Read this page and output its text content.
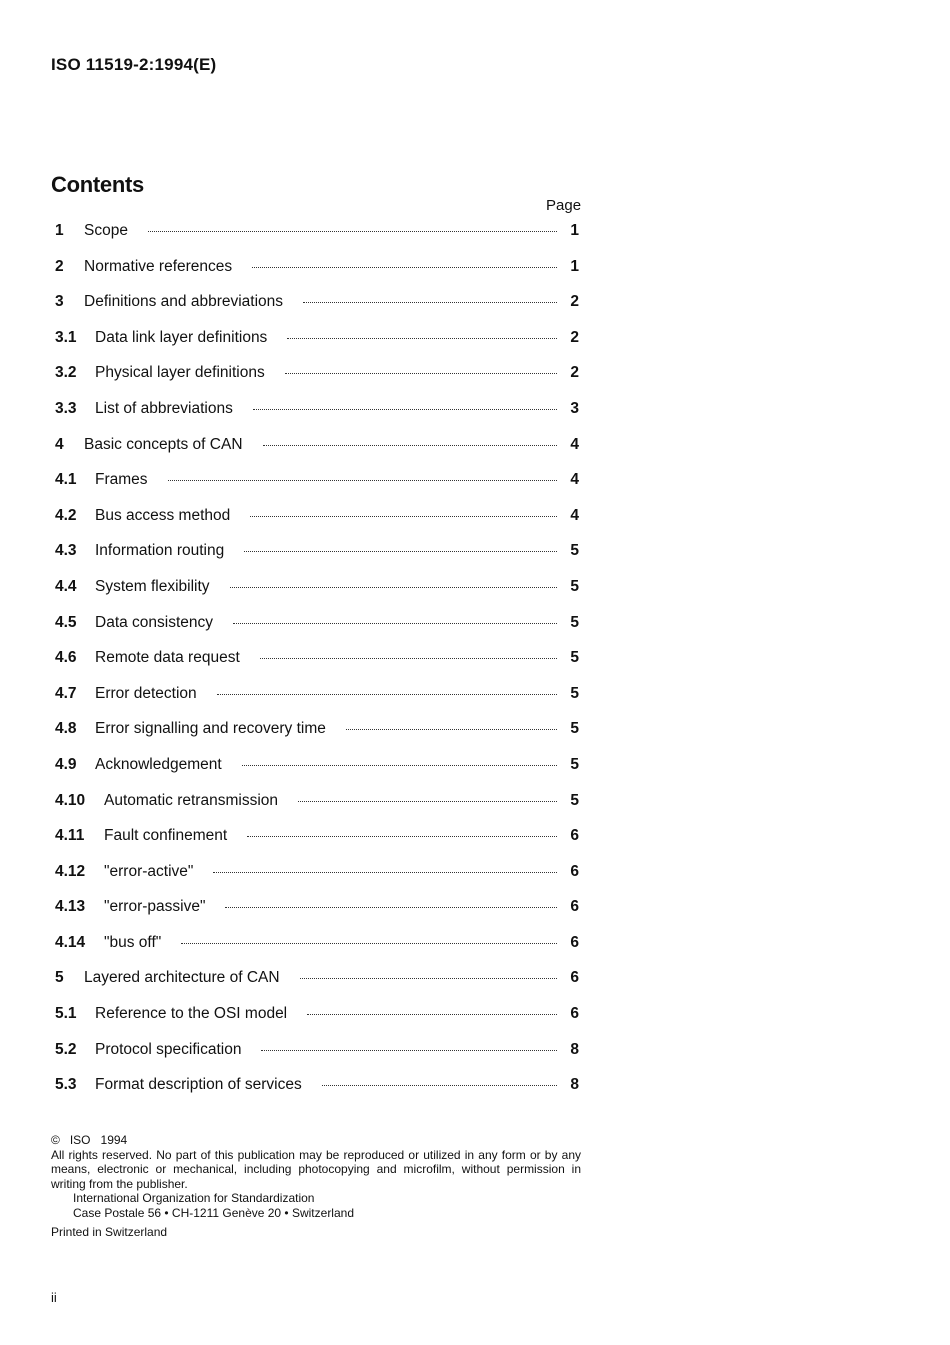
ISO 11519-2:1994(E)
Contents
Page
1	Scope	1
2	Normative references	1
3	Definitions and abbreviations	2
3.1	Data link layer definitions	2
3.2	Physical layer definitions	2
3.3	List of abbreviations	3
4	Basic concepts of CAN	4
4.1	Frames	4
4.2	Bus access method	4
4.3	Information routing	5
4.4	System flexibility	5
4.5	Data consistency	5
4.6	Remote data request	5
4.7	Error detection	5
4.8	Error signalling and recovery time	5
4.9	Acknowledgement	5
4.10	Automatic retransmission	5
4.11	Fault confinement	6
4.12	"error-active"	6
4.13	"error-passive"	6
4.14	"bus off"	6
5	Layered architecture of CAN	6
5.1	Reference to the OSI model	6
5.2	Protocol specification	8
5.3	Format description of services	8

© ISO 1994

All rights reserved. No part of this publication may be reproduced or utilized in any form or by any means, electronic or mechanical, including photocopying and microfilm, without permission in writing from the publisher.

International Organization for Standardization

Case Postale 56 • CH-1211 Genève 20 • Switzerland

Printed in Switzerland

ii
